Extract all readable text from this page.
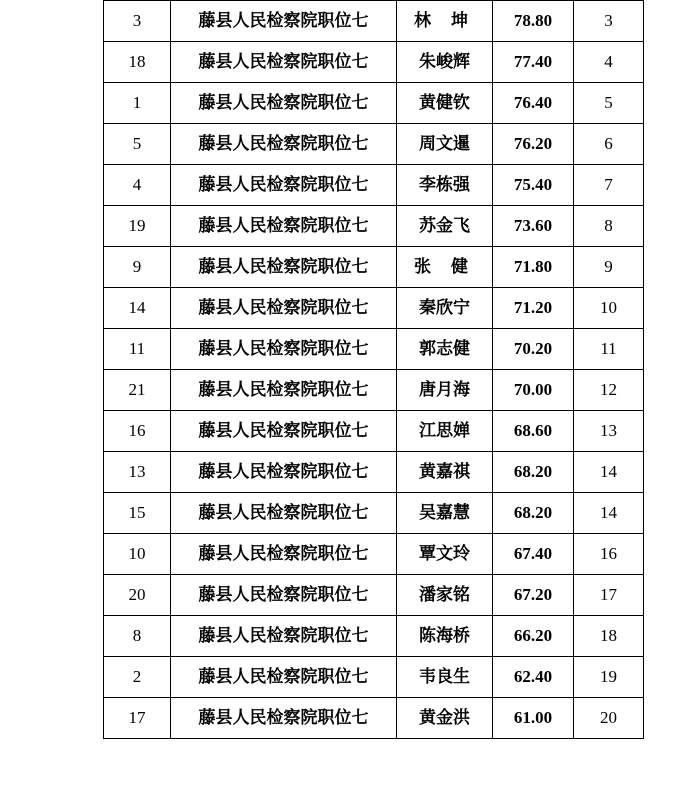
3	藤县人民检察院职位七	林 坤	78.80	3
18	藤县人民检察院职位七	朱峻辉	77.40	4
1	藤县人民检察院职位七	黄健钦	76.40	5
5	藤县人民检察院职位七	周文暹	76.20	6
4	藤县人民检察院职位七	李栋强	75.40	7
19	藤县人民检察院职位七	苏金飞	73.60	8
9	藤县人民检察院职位七	张 健	71.80	9
14	藤县人民检察院职位七	秦欣宁	71.20	10
11	藤县人民检察院职位七	郭志健	70.20	11
21	藤县人民检察院职位七	唐月海	70.00	12
16	藤县人民检察院职位七	江思婵	68.60	13
13	藤县人民检察院职位七	黄嘉祺	68.20	14
15	藤县人民检察院职位七	吴嘉慧	68.20	14
10	藤县人民检察院职位七	覃文玲	67.40	16
20	藤县人民检察院职位七	潘家铭	67.20	17
8	藤县人民检察院职位七	陈海桥	66.20	18
2	藤县人民检察院职位七	韦良生	62.40	19
17	藤县人民检察院职位七	黄金洪	61.00	20
